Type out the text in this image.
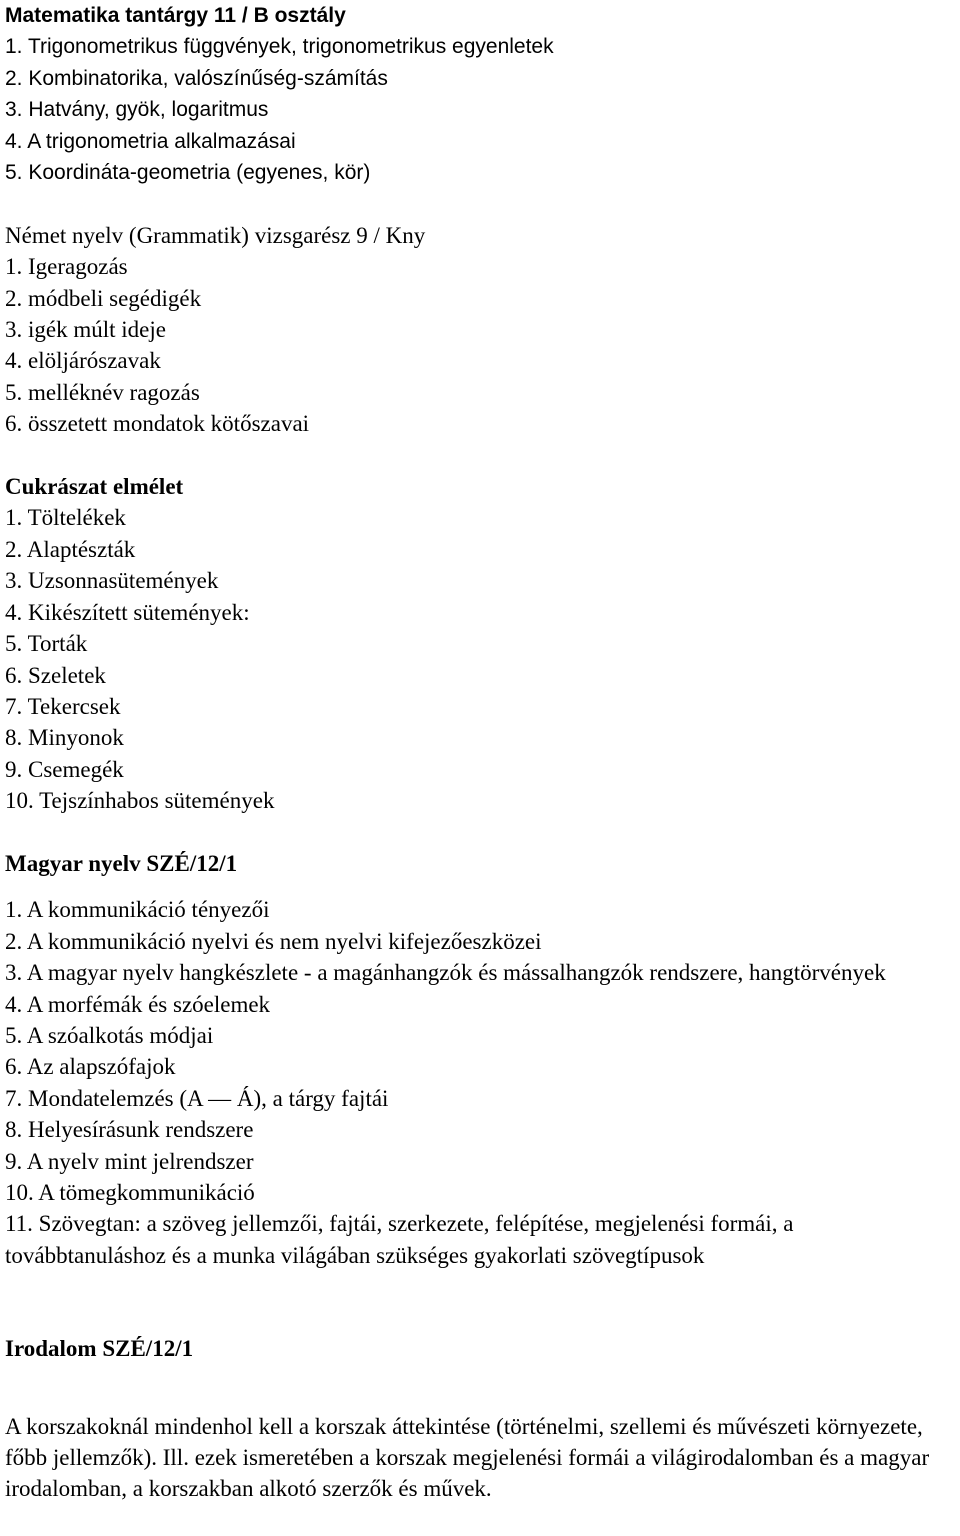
Matematika tantárgy 11 / B osztály

1. Trigonometrikus függvények, trigonometrikus egyenletek

2. Kombinatorika, valószínűség-számítás

3. Hatvány, gyök, logaritmus

4. A trigonometria alkalmazásai

5. Koordináta-geometria (egyenes, kör)

Német nyelv (Grammatik) vizsgarész 9 / Kny

1. Igeragozás

2. módbeli segédigék

3. igék múlt ideje

4. elöljárószavak

5. melléknév ragozás

6. összetett mondatok kötőszavai

Cukrászat elmélet

1. Töltelékek

2. Alaptészták

3. Uzsonnasütemények

4. Kikészített sütemények:

5. Torták

6. Szeletek

7. Tekercsek

8. Minyonok

9. Csemegék

10. Tejszínhabos sütemények

Magyar nyelv SZÉ/12/1

1. A kommunikáció tényezői

2. A kommunikáció nyelvi és nem nyelvi kifejezőeszközei

3. A magyar nyelv hangkészlete - a magánhangzók és mássalhangzók rendszere, hangtörvények

4. A morfémák és szóelemek

5. A szóalkotás módjai

6. Az alapszófajok

7. Mondatelemzés (A ― Á), a tárgy fajtái

8. Helyesírásunk rendszere

9. A nyelv mint jelrendszer

10. A tömegkommunikáció

11. Szövegtan: a szöveg jellemzői, fajtái, szerkezete, felépítése, megjelenési formái, a továbbtanuláshoz és a munka világában szükséges gyakorlati szövegtípusok

Irodalom SZÉ/12/1

A korszakoknál mindenhol kell a korszak áttekintése (történelmi, szellemi és művészeti környezete, főbb jellemzők). Ill. ezek ismeretében a korszak megjelenési formái a világirodalomban és a magyar irodalomban, a korszakban alkotó szerzők és művek.
